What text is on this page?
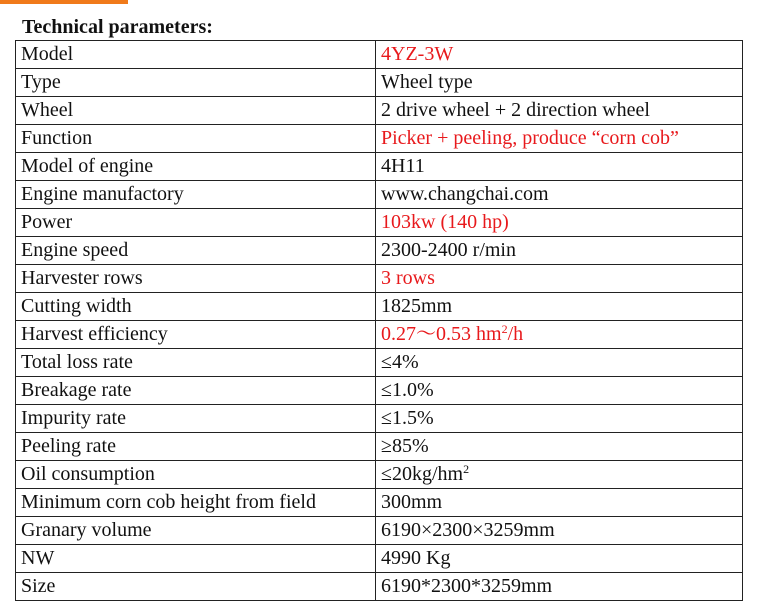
Technical parameters:
Model	4YZ-3W
Type	Wheel type
Wheel	2 drive wheel + 2 direction wheel
Function	Picker + peeling, produce “corn cob”
Model of engine	4H11
Engine manufactory	www.changchai.com
Power	103kw (140 hp)
Engine speed	2300-2400 r/min
Harvester rows	3 rows
Cutting width	1825mm
Harvest efficiency	0.27～0.53 $hm^2/h$
Total loss rate	≤4%
Breakage rate	≤1.0%
Impurity rate	≤1.5%
Peeling rate	≥85%
Oil consumption	$\le 20kg/hm^2$
Minimum corn cob height from field	300mm
Granary volume	6190×2300×3259mm
NW	4990 Kg
Size	6190*2300*3259mm
